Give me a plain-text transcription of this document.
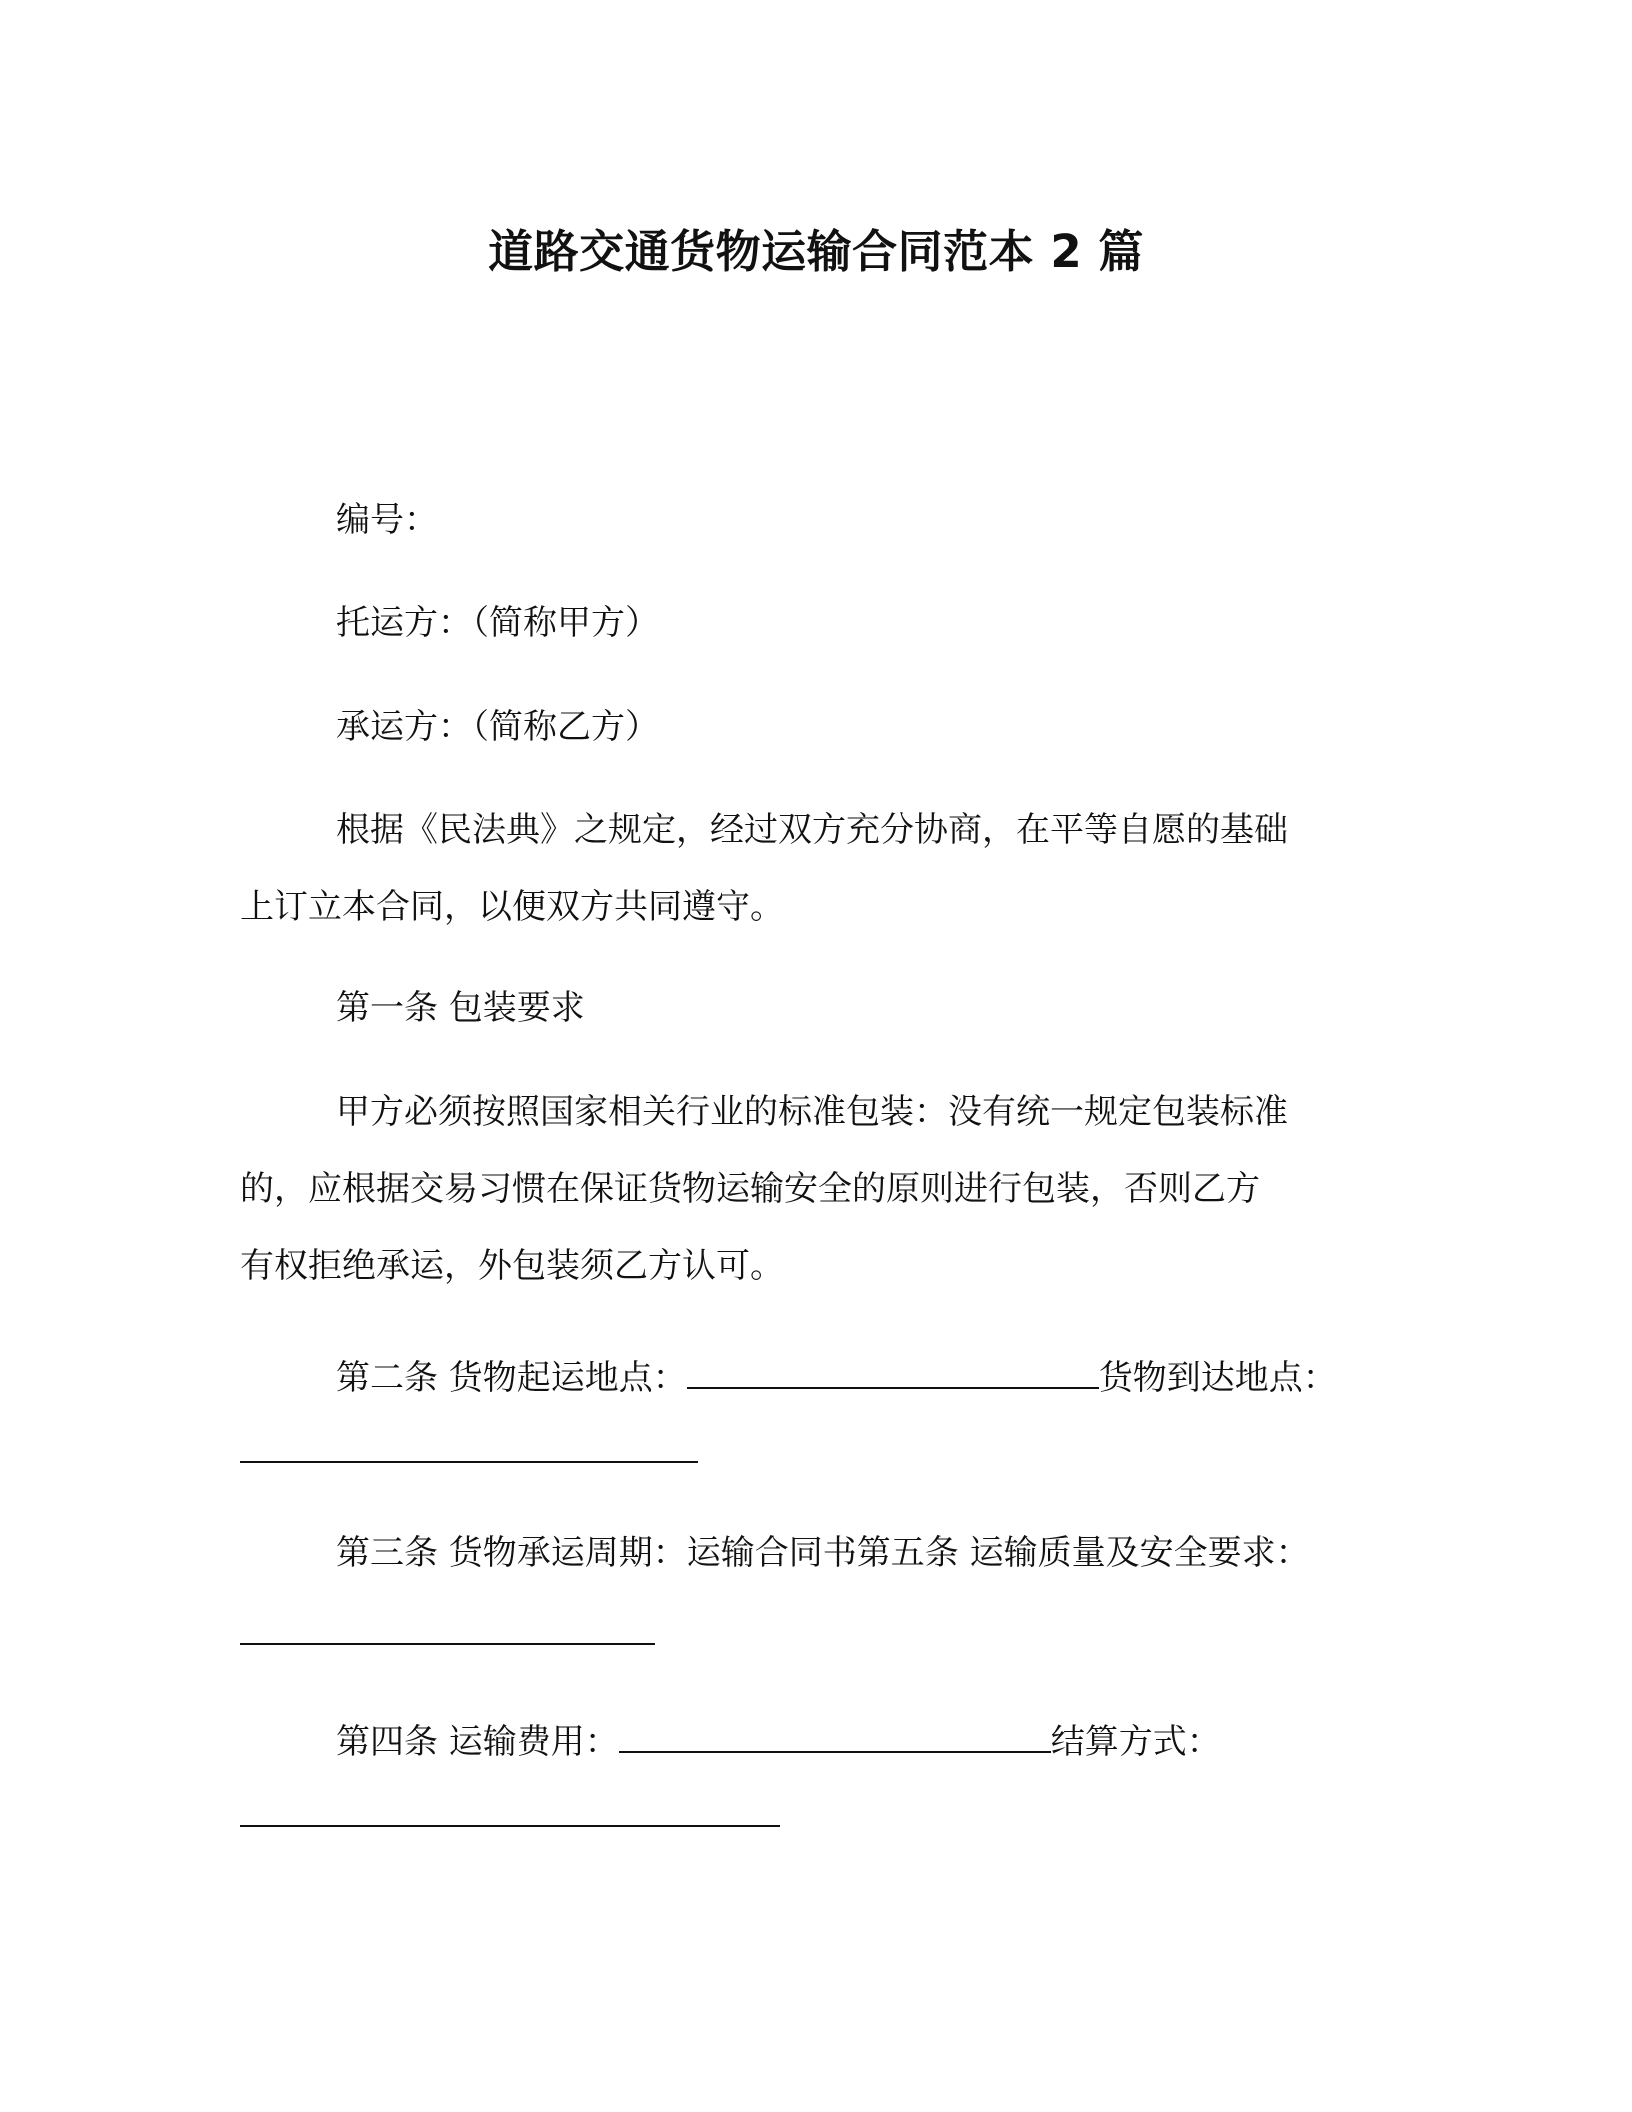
道路交通货物运输合同范本 2 篇
编号：
托运方：（简称甲方）
承运方：（简称乙方）
根据《民法典》之规定，经过双方充分协商，在平等自愿的基础
上订立本合同，以便双方共同遵守。
第一条 包装要求
甲方必须按照国家相关行业的标准包装：没有统一规定包装标准
的，应根据交易习惯在保证货物运输安全的原则进行包装，否则乙方
有权拒绝承运，外包装须乙方认可。
第二条 货物起运地点：	货物到达地点：
第三条 货物承运周期：运输合同书第五条 运输质量及安全要求：
第四条 运输费用：	结算方式：
